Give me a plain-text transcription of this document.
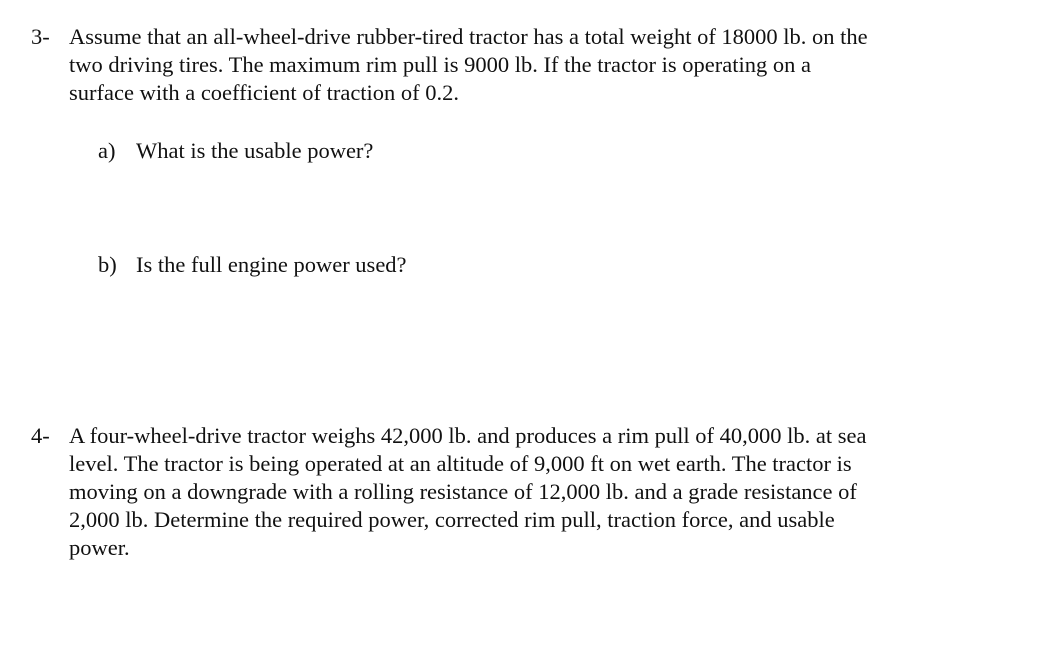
3- Assume that an all-wheel-drive rubber-tired tractor has a total weight of 18000 lb. on the
two driving tires. The maximum rim pull is 9000 lb. If the tractor is operating on a
surface with a coefficient of traction of 0.2.
a) What is the usable power?
b) Is the full engine power used?
4- A four-wheel-drive tractor weighs 42,000 lb. and produces a rim pull of 40,000 lb. at sea
level. The tractor is being operated at an altitude of 9,000 ft on wet earth. The tractor is
moving on a downgrade with a rolling resistance of 12,000 lb. and a grade resistance of
2,000 lb. Determine the required power, corrected rim pull, traction force, and usable
power.
